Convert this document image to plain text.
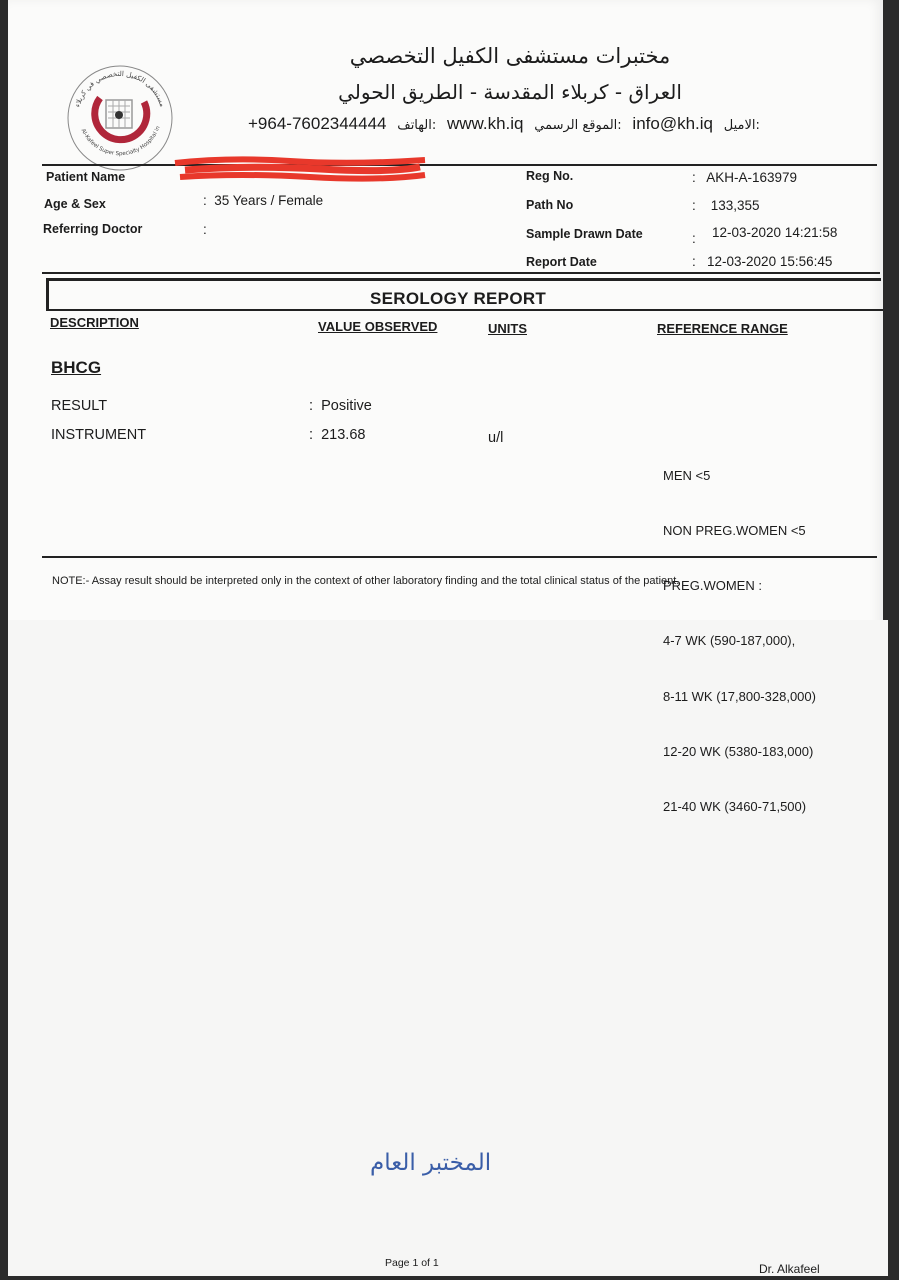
مستشفى الكفيل التخصصي في كربلاء
Al-Kafeel Super Specialty Hospital in
مختبرات مستشفى الكفيل التخصصي
العراق - كربلاء المقدسة - الطريق الحولي
+964-7602344444 الهاتف: www.kh.iq الموقع الرسمي: info@kh.iq الاميل:
Patient Name
Age & Sex	:  35 Years / Female
Referring Doctor	:
Reg No.	:   AKH-A-163979
Path No	:    133,355
Sample Drawn Date	: 12-03-2020 14:21:58
Report Date	:   12-03-2020 15:56:45
SEROLOGY REPORT
DESCRIPTION	VALUE OBSERVED	UNITS	REFERENCE RANGE
BHCG
RESULT	:  Positive
INSTRUMENT	:  213.68	u/l

MEN <5

NON PREG.WOMEN <5

PREG.WOMEN :

4-7 WK (590-187,000),

8-11 WK (17,800-328,000)

12-20 WK (5380-183,000)

21-40 WK (3460-71,500)

NOTE:- Assay result should be interpreted only in the context of other laboratory finding and the total clinical status of the patient.
المختبر العام
Page 1 of 1	Dr. Alkafeel
